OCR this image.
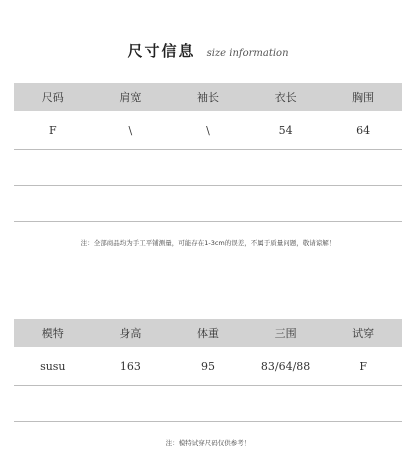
尺寸信息 size information
尺码	肩宽	袖长	衣长	胸围
F	\	\	54	64
注：全部商品均为手工平铺测量，可能存在1-3cm的误差，不属于质量问题，敬请谅解！
模特	身高	体重	三围	试穿
susu	163	95	83/64/88	F
注：模特试穿尺码仅供参考！
